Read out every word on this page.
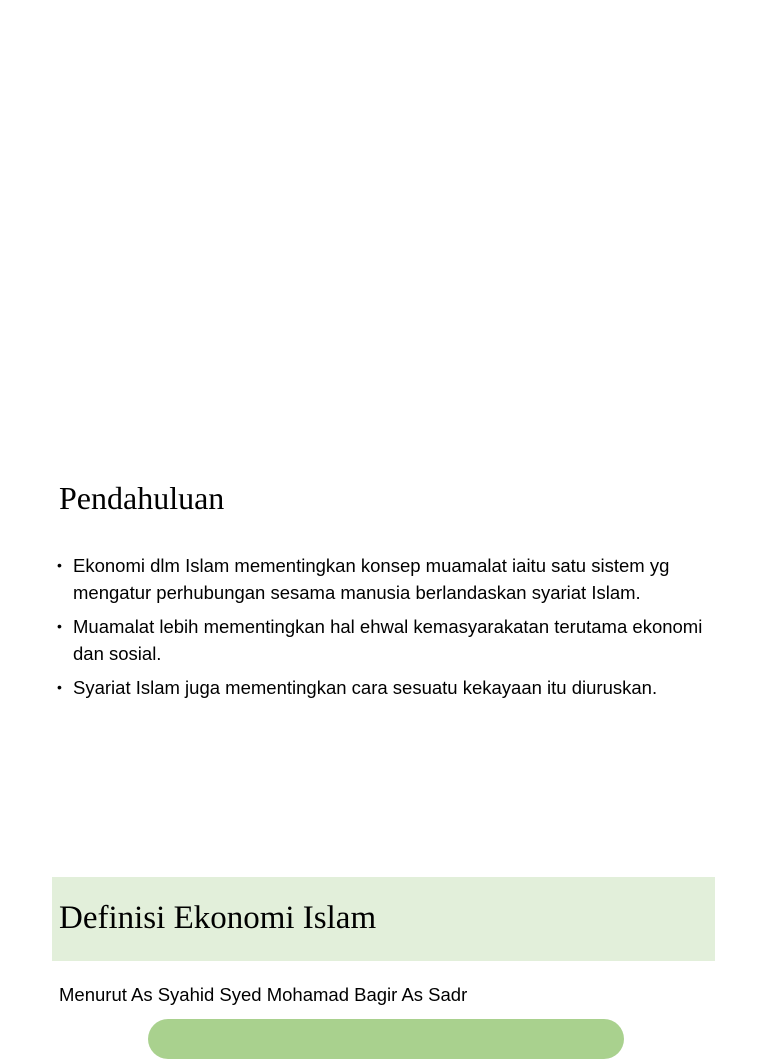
Pendahuluan
• Ekonomi dlm Islam mementingkan konsep muamalat iaitu satu sistem yg mengatur perhubungan sesama manusia berlandaskan syariat Islam.
• Muamalat lebih mementingkan hal ehwal kemasyarakatan terutama ekonomi dan sosial.
• Syariat Islam juga mementingkan cara sesuatu kekayaan itu diuruskan.
Definisi Ekonomi Islam

Menurut As Syahid Syed Mohamad Bagir As Sadr
